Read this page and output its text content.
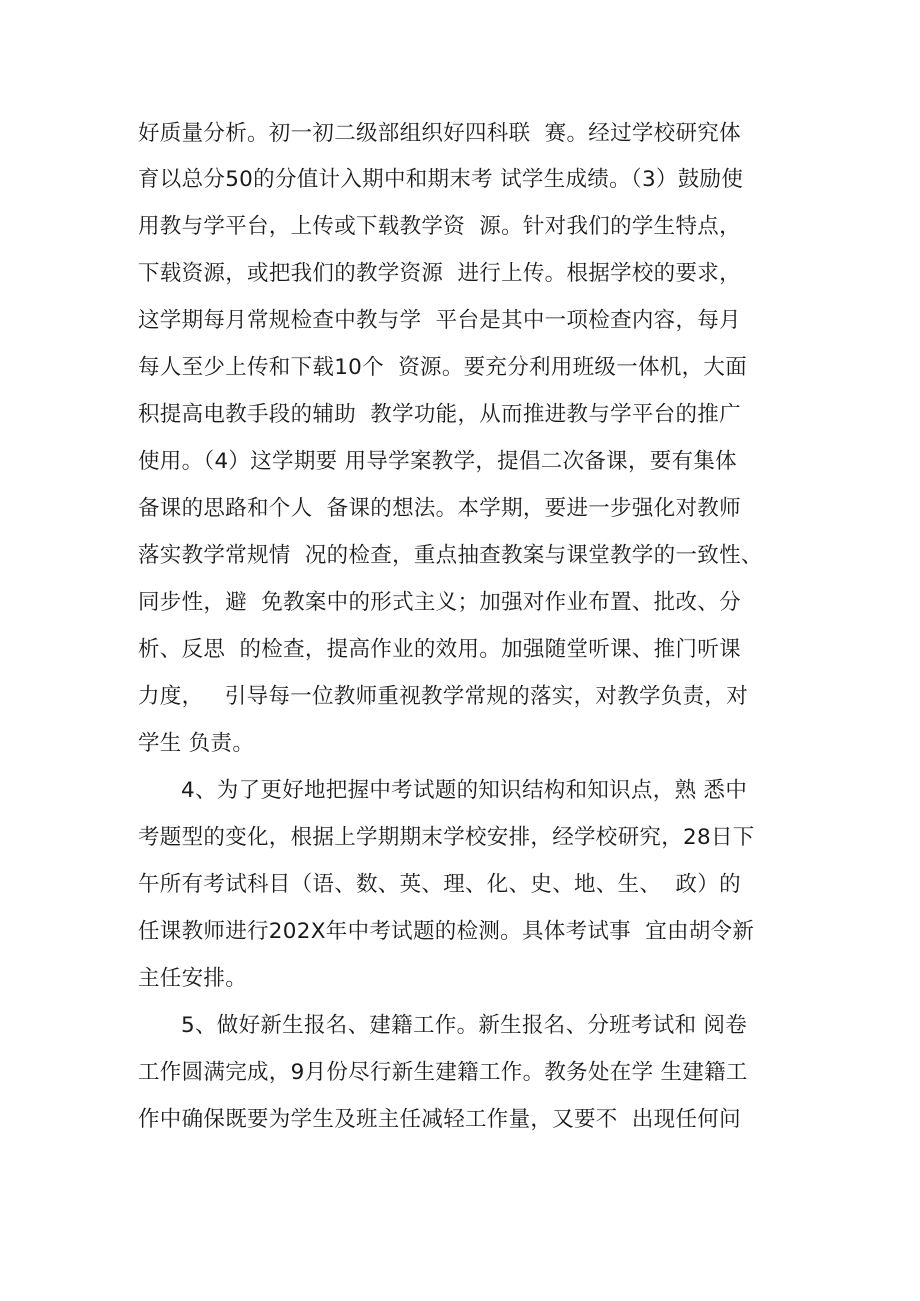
好质量分析。初一初二级部组织好四科联  赛。经过学校研究体
育以总分50的分值计入期中和期末考 试学生成绩。（3）鼓励使
用教与学平台，上传或下载教学资  源。针对我们的学生特点，
下载资源，或把我们的教学资源  进行上传。根据学校的要求，
这学期每月常规检查中教与学  平台是其中一项检查内容，每月
每人至少上传和下载10个  资源。要充分利用班级一体机，大面
积提高电教手段的辅助  教学功能，从而推进教与学平台的推广
使用。（4）这学期要 用导学案教学，提倡二次备课，要有集体
备课的思路和个人  备课的想法。本学期，要进一步强化对教师
落实教学常规情  况的检查，重点抽查教案与课堂教学的一致性、
同步性，避  免教案中的形式主义；加强对作业布置、批改、分
析、反思  的检查，提高作业的效用。加强随堂听课、推门听课
力度，   引导每一位教师重视教学常规的落实，对教学负责，对
学生 负责。
4、为了更好地把握中考试题的知识结构和知识点，熟 悉中
考题型的变化，根据上学期期末学校安排，经学校研究，28日下
午所有考试科目（语、数、英、理、化、史、地、生、  政）的
任课教师进行202X年中考试题的检测。具体考试事  宜由胡令新
主任安排。
5、做好新生报名、建籍工作。新生报名、分班考试和 阅卷
工作圆满完成，9月份尽行新生建籍工作。教务处在学 生建籍工
作中确保既要为学生及班主任减轻工作量，又要不  出现任何问
